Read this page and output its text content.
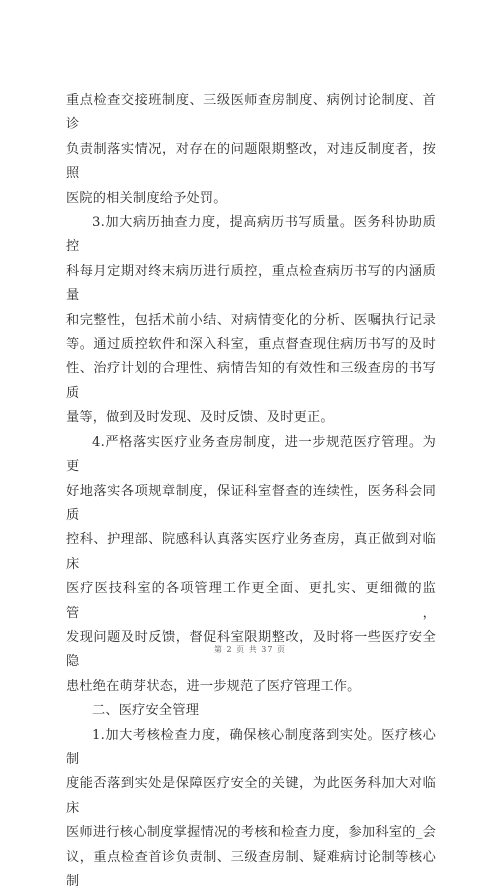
重点检查交接班制度、三级医师查房制度、病例讨论制度、首诊

负责制落实情况，对存在的问题限期整改，对违反制度者，按照

医院的相关制度给予处罚。

3.加大病历抽查力度，提高病历书写质量。医务科协助质控

科每月定期对终末病历进行质控，重点检查病历书写的内涵质量

和完整性，包括术前小结、对病情变化的分析、医嘱执行记录

等。通过质控软件和深入科室，重点督查现住病历书写的及时

性、治疗计划的合理性、病情告知的有效性和三级查房的书写质

量等，做到及时发现、及时反馈、及时更正。

4.严格落实医疗业务查房制度，进一步规范医疗管理。为更

好地落实各项规章制度，保证科室督查的连续性，医务科会同质

控科、护理部、院感科认真落实医疗业务查房，真正做到对临床

医疗医技科室的各项管理工作更全面、更扎实、更细微的监管，

发现问题及时反馈，督促科室限期整改，及时将一些医疗安全隐

患杜绝在萌芽状态，进一步规范了医疗管理工作。

二、医疗安全管理

1.加大考核检查力度，确保核心制度落到实处。医疗核心制

度能否落到实处是保障医疗安全的关键，为此医务科加大对临床

医师进行核心制度掌握情况的考核和检查力度，参加科室的_会

议，重点检查首诊负责制、三级查房制、疑难病讨论制等核心制

第 2 页 共 37 页
